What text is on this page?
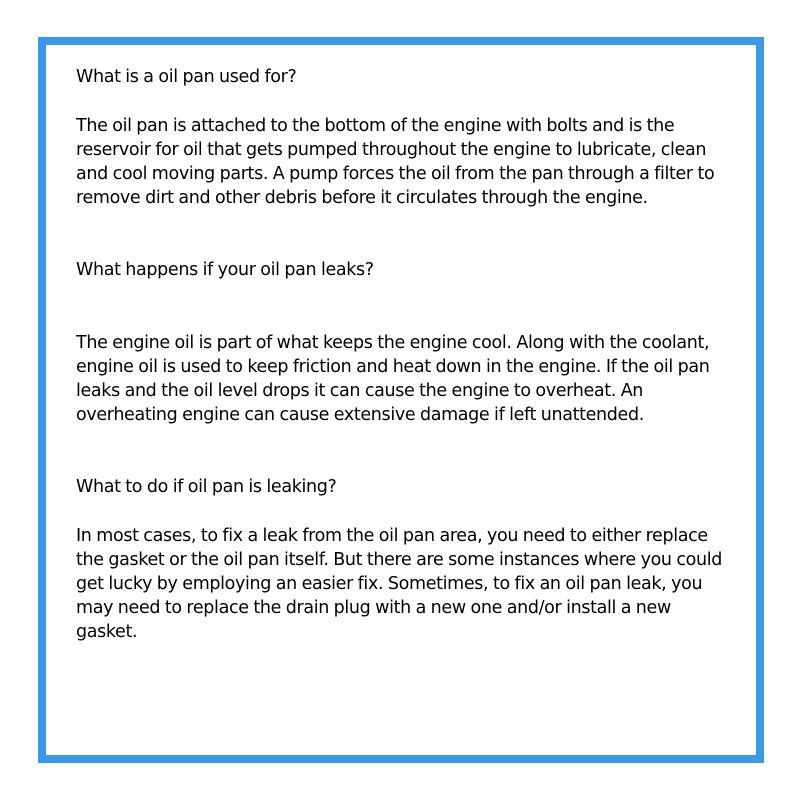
What is a oil pan used for?

The oil pan is attached to the bottom of the engine with bolts and is the reservoir for oil that gets pumped throughout the engine to lubricate, clean and cool moving parts. A pump forces the oil from the pan through a filter to remove dirt and other debris before it circulates through the engine.

What happens if your oil pan leaks?

The engine oil is part of what keeps the engine cool. Along with the coolant, engine oil is used to keep friction and heat down in the engine. If the oil pan leaks and the oil level drops it can cause the engine to overheat. An overheating engine can cause extensive damage if left unattended.

What to do if oil pan is leaking?

In most cases, to fix a leak from the oil pan area, you need to either replace the gasket or the oil pan itself. But there are some instances where you could get lucky by employing an easier fix. Sometimes, to fix an oil pan leak, you may need to replace the drain plug with a new one and/or install a new gasket.
